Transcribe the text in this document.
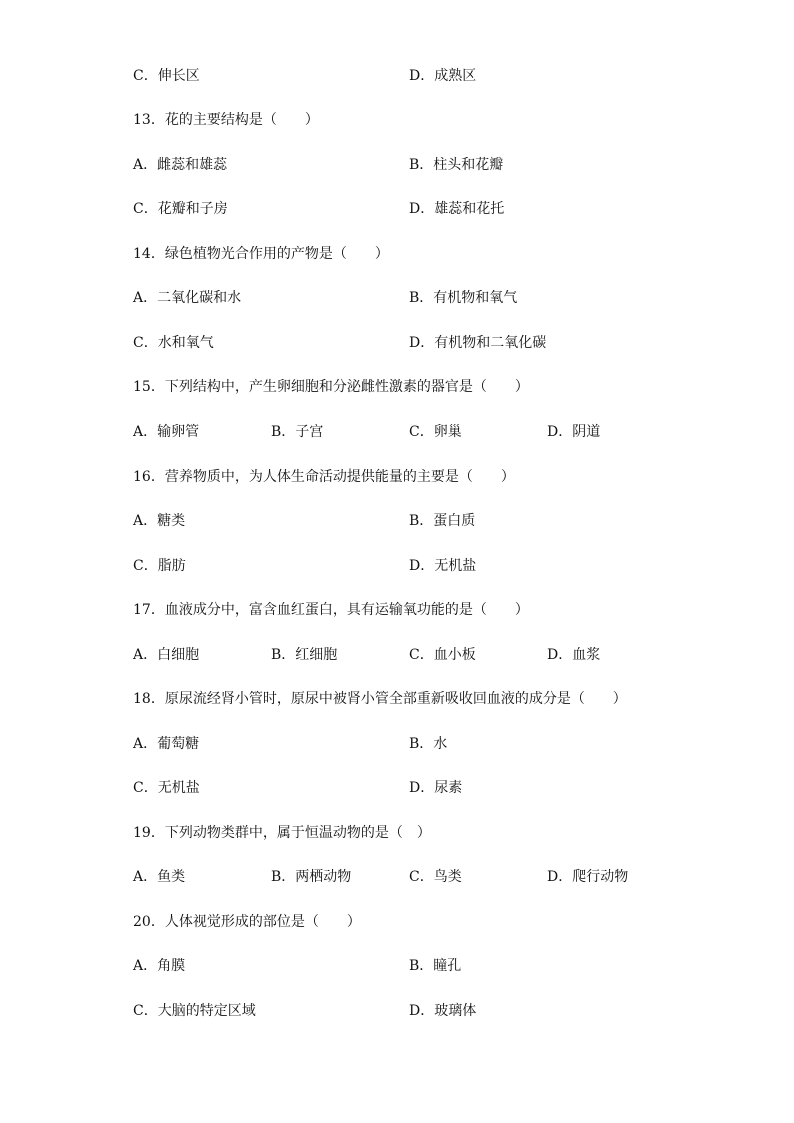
C．伸长区	D．成熟区
13．花的主要结构是（　　）
A．雌蕊和雄蕊	B．柱头和花瓣
C．花瓣和子房	D．雄蕊和花托
14．绿色植物光合作用的产物是（　　）
A．二氧化碳和水	B．有机物和氧气
C．水和氧气	D．有机物和二氧化碳
15．下列结构中，产生卵细胞和分泌雌性激素的器官是（　　）
A．输卵管	B．子宫	C．卵巢	D．阴道
16．营养物质中，为人体生命活动提供能量的主要是（　　）
A．糖类	B．蛋白质
C．脂肪	D．无机盐
17．血液成分中，富含血红蛋白，具有运输氧功能的是（　　）
A．白细胞	B．红细胞	C．血小板	D．血浆
18．原尿流经肾小管时，原尿中被肾小管全部重新吸收回血液的成分是（　　）
A．葡萄糖	B．水
C．无机盐	D．尿素
19．下列动物类群中，属于恒温动物的是（　）
A．鱼类	B．两栖动物	C．鸟类	D．爬行动物
20．人体视觉形成的部位是（　　）
A．角膜	B．瞳孔
C．大脑的特定区域	D．玻璃体
